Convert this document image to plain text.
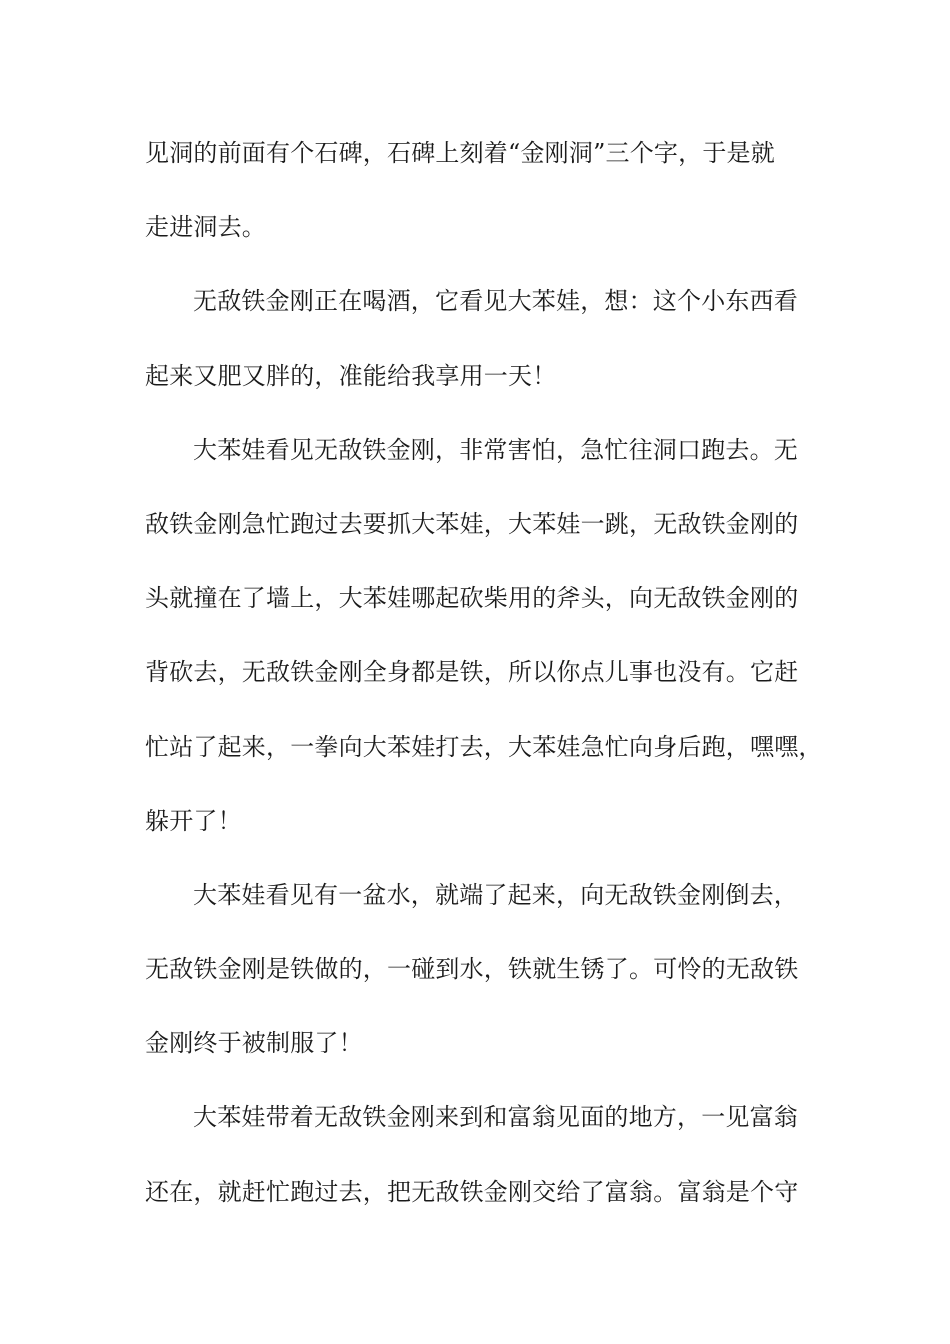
见洞的前面有个石碑，石碑上刻着“金刚洞”三个字，于是就
走进洞去。
无敌铁金刚正在喝酒，它看见大苯娃，想：这个小东西看
起来又肥又胖的，准能给我享用一天！
大苯娃看见无敌铁金刚，非常害怕，急忙往洞口跑去。无
敌铁金刚急忙跑过去要抓大苯娃，大苯娃一跳，无敌铁金刚的
头就撞在了墙上，大苯娃哪起砍柴用的斧头，向无敌铁金刚的
背砍去，无敌铁金刚全身都是铁，所以你点儿事也没有。它赶
忙站了起来，一拳向大苯娃打去，大苯娃急忙向身后跑，嘿嘿，
躲开了！
大苯娃看见有一盆水，就端了起来，向无敌铁金刚倒去，
无敌铁金刚是铁做的，一碰到水，铁就生锈了。可怜的无敌铁
金刚终于被制服了！
大苯娃带着无敌铁金刚来到和富翁见面的地方，一见富翁
还在，就赶忙跑过去，把无敌铁金刚交给了富翁。富翁是个守
